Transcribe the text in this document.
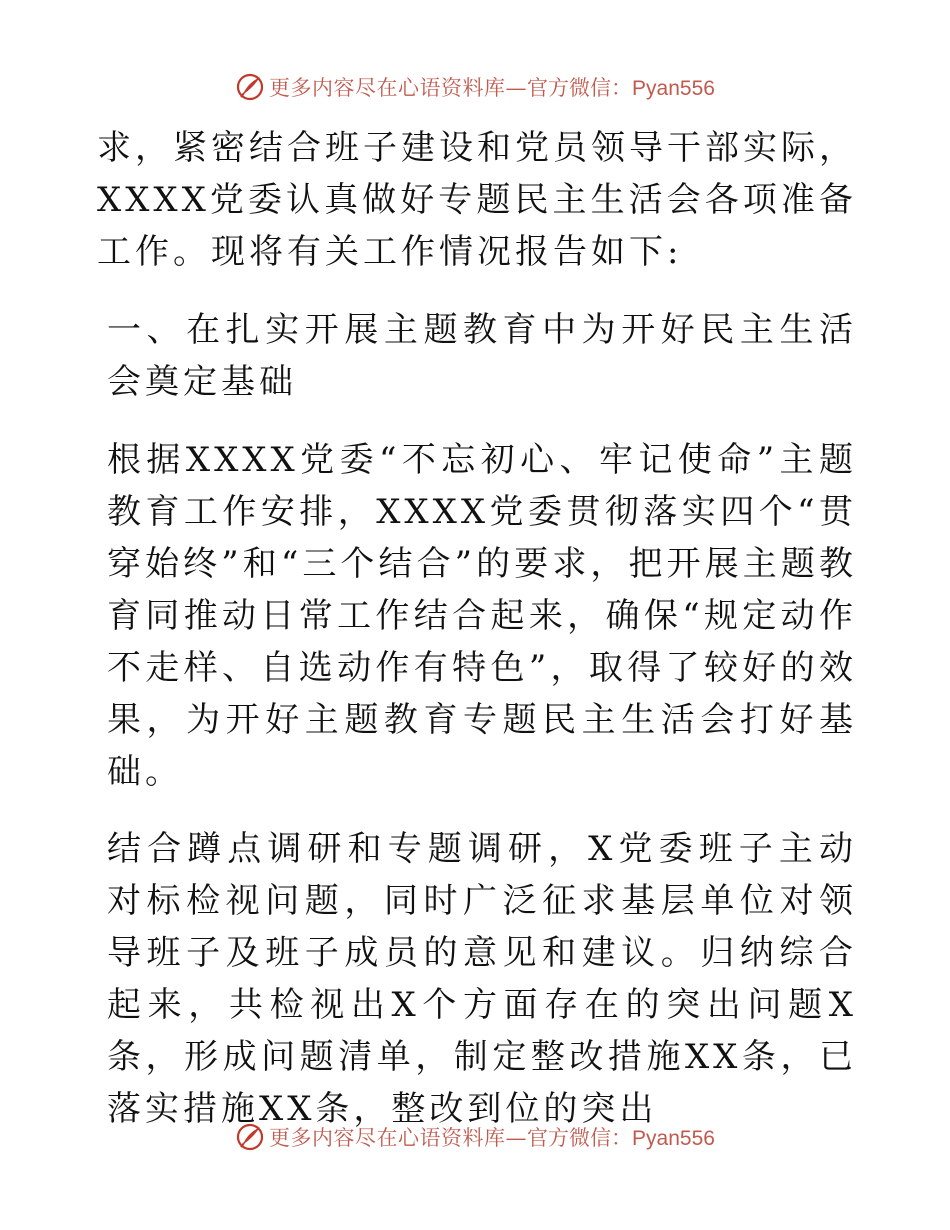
更多内容尽在心语资料库— 官方微信：Pyan556

求，紧密结合班子建设和党员领导干部实际，XXXX党委认真做好专题民主生活会各项准备工作。现将有关工作情况报告如下:

一、在扎实开展主题教育中为开好民主生活会奠定基础

根据XXXX党委“不忘初心、牢记使命”主题教育工作安排，XXXX党委贯彻落实四个“贯穿始终”和“三个结合”的要求，把开展主题教育同推动日常工作结合起来，确保“规定动作不走样、自选动作有特色”，取得了较好的效果，为开好主题教育专题民主生活会打好基础。

结合蹲点调研和专题调研，X党委班子主动对标检视问题，同时广泛征求基层单位对领导班子及班子成员的意见和建议。归纳综合起来，共检视出X个方面存在的突出问题X条，形成问题清单，制定整改措施XX条，已落实措施XX条，整改到位的突出

更多内容尽在心语资料库— 官方微信：Pyan556
